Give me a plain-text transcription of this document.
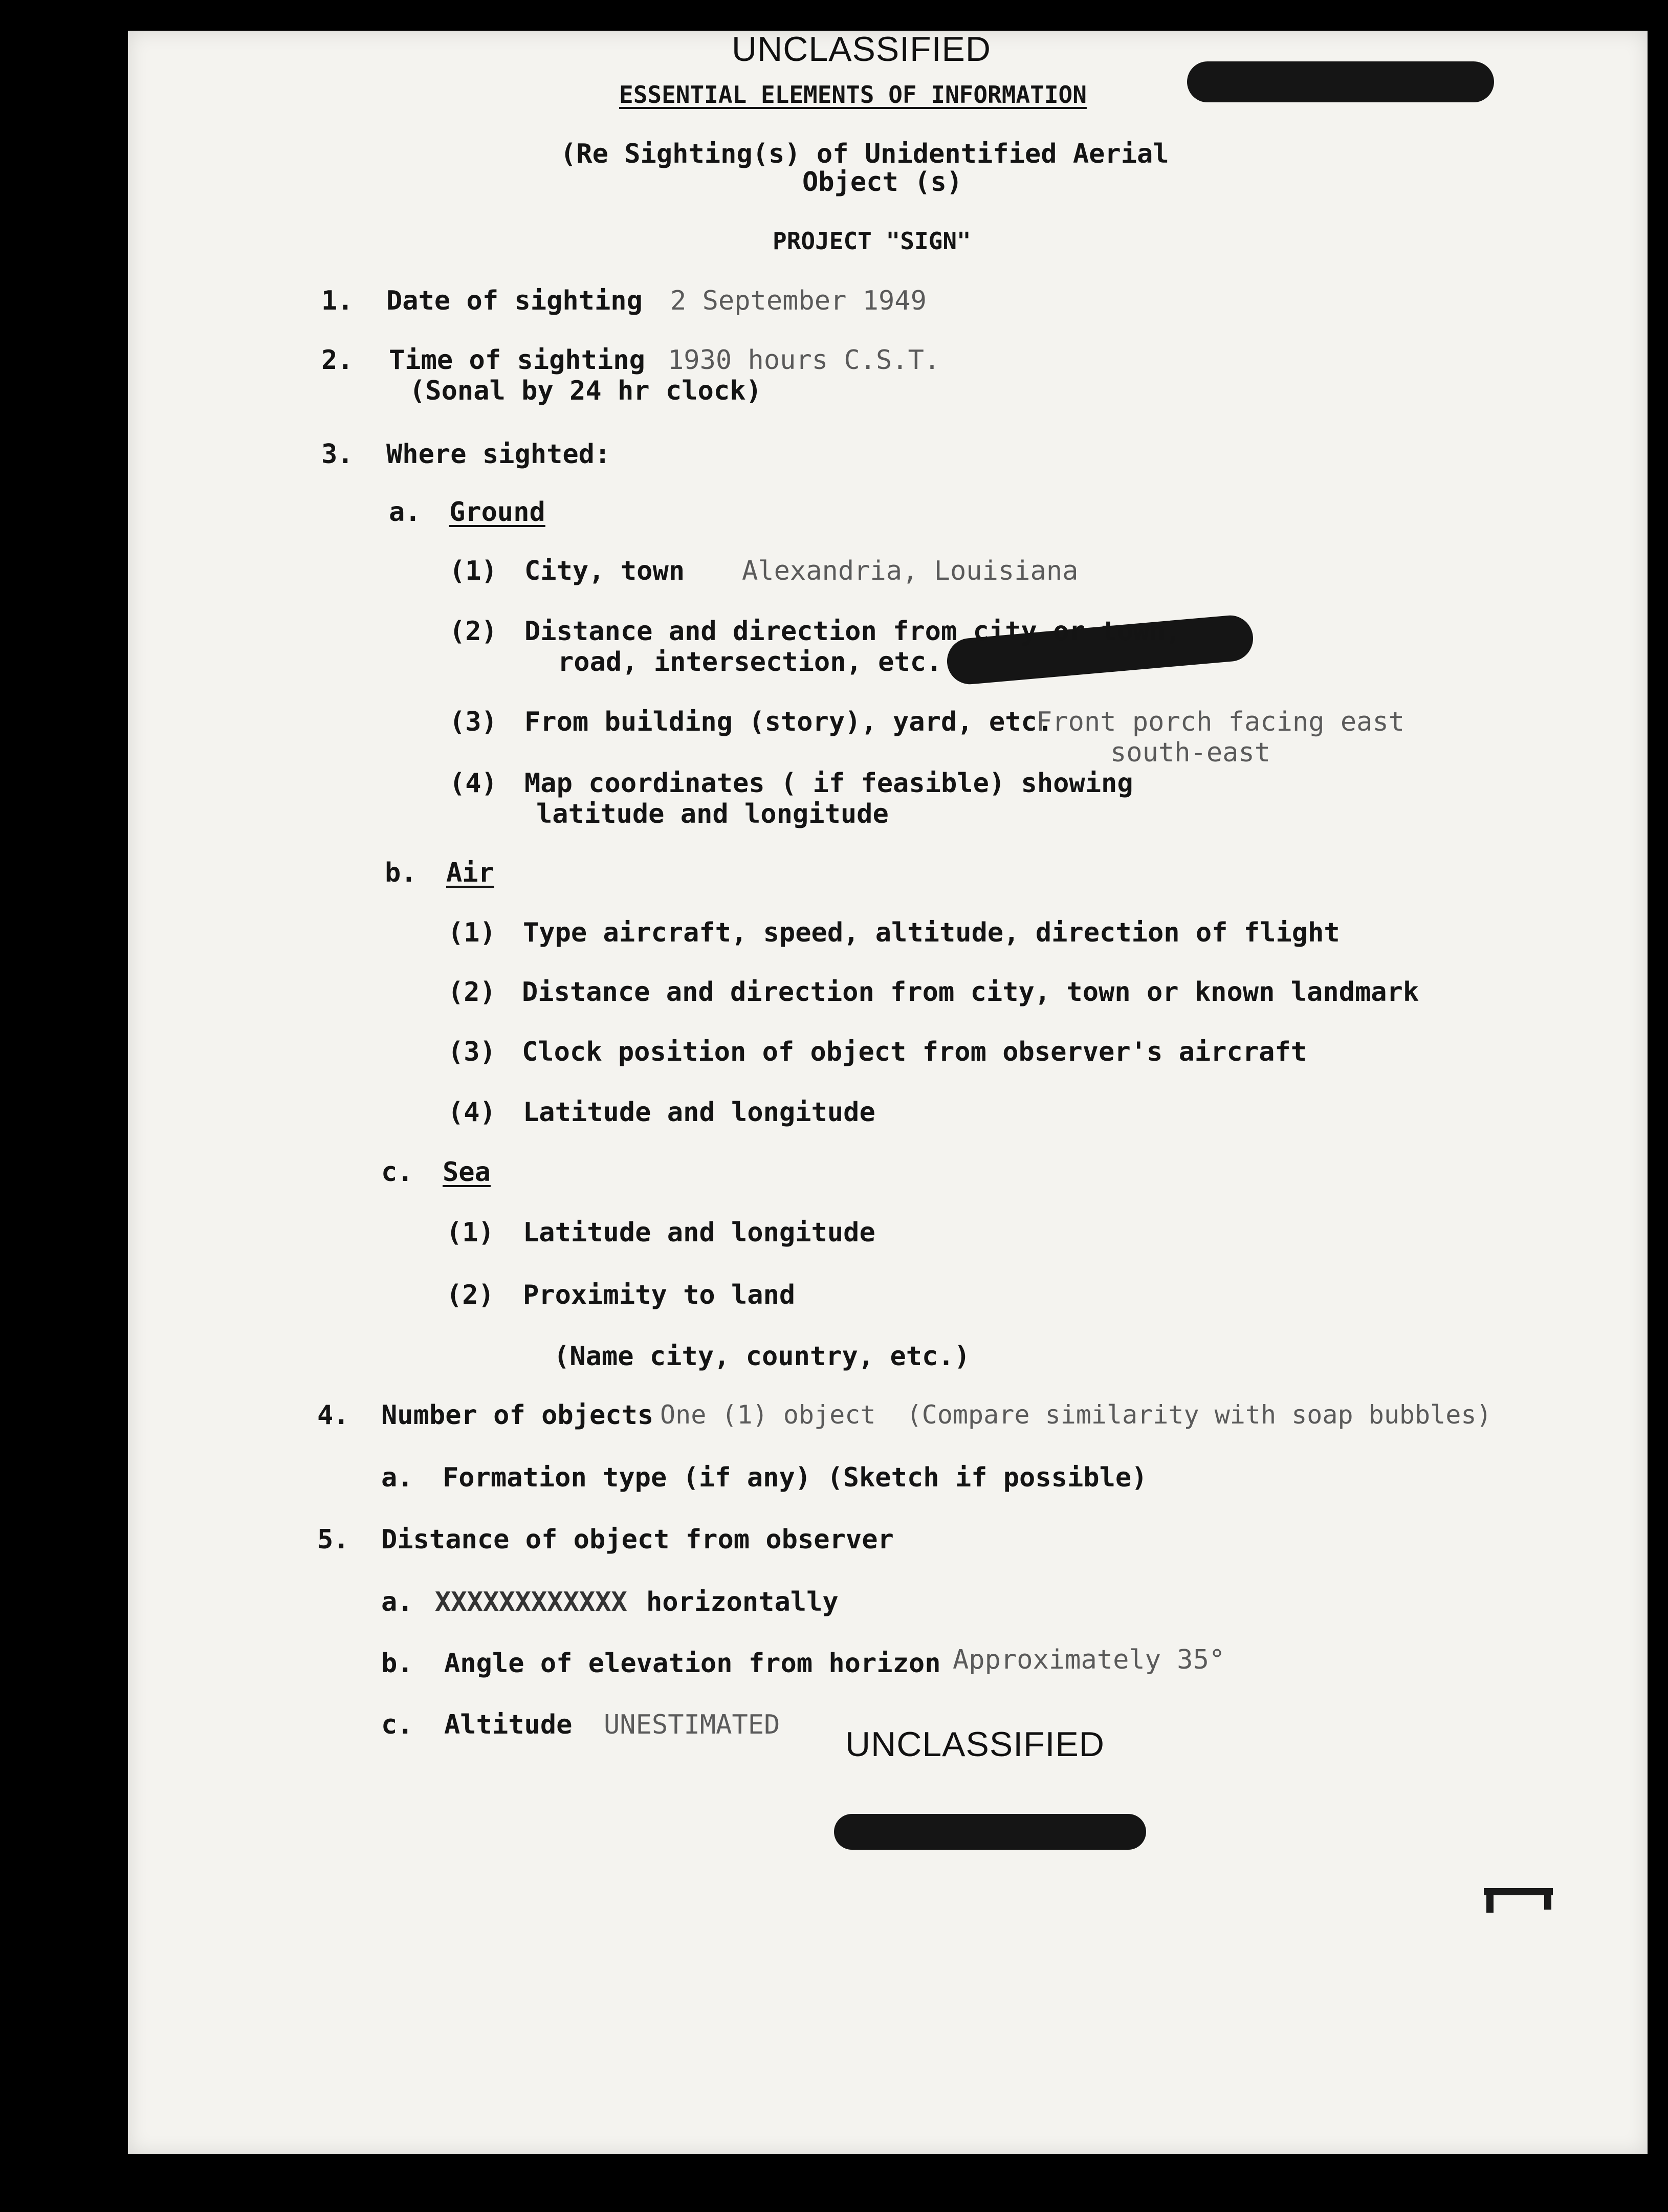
UNCLASSIFIED
ESSENTIAL ELEMENTS OF INFORMATION
(Re Sighting(s) of Unidentified Aerial
Object (s)
PROJECT "SIGN"
1. Date of sighting 2 September 1949
2. Time of sighting 1930 hours C.S.T.
(Sonal by 24 hr clock)
3. Where sighted:
a. Ground
(1) City, town Alexandria, Louisiana
(2) Distance and direction from city or town,
road, intersection, etc.
(3) From building (story), yard, etc.
Front porch facing east
south-east
(4) Map coordinates ( if feasible) showing
latitude and longitude
b. Air
(1) Type aircraft, speed, altitude, direction of flight
(2) Distance and direction from city, town or known landmark
(3) Clock position of object from observer's aircraft
(4) Latitude and longitude
c. Sea
(1) Latitude and longitude
(2) Proximity to land
(Name city, country, etc.)
4. Number of objects One (1) object  (Compare similarity with soap bubbles)
a. Formation type (if any) (Sketch if possible)
5. Distance of object from observer
a. XXXXXXXXXXXX horizontally
b. Angle of elevation from horizon Approximately 35°
c. Altitude UNESTIMATED UNCLASSIFIED
